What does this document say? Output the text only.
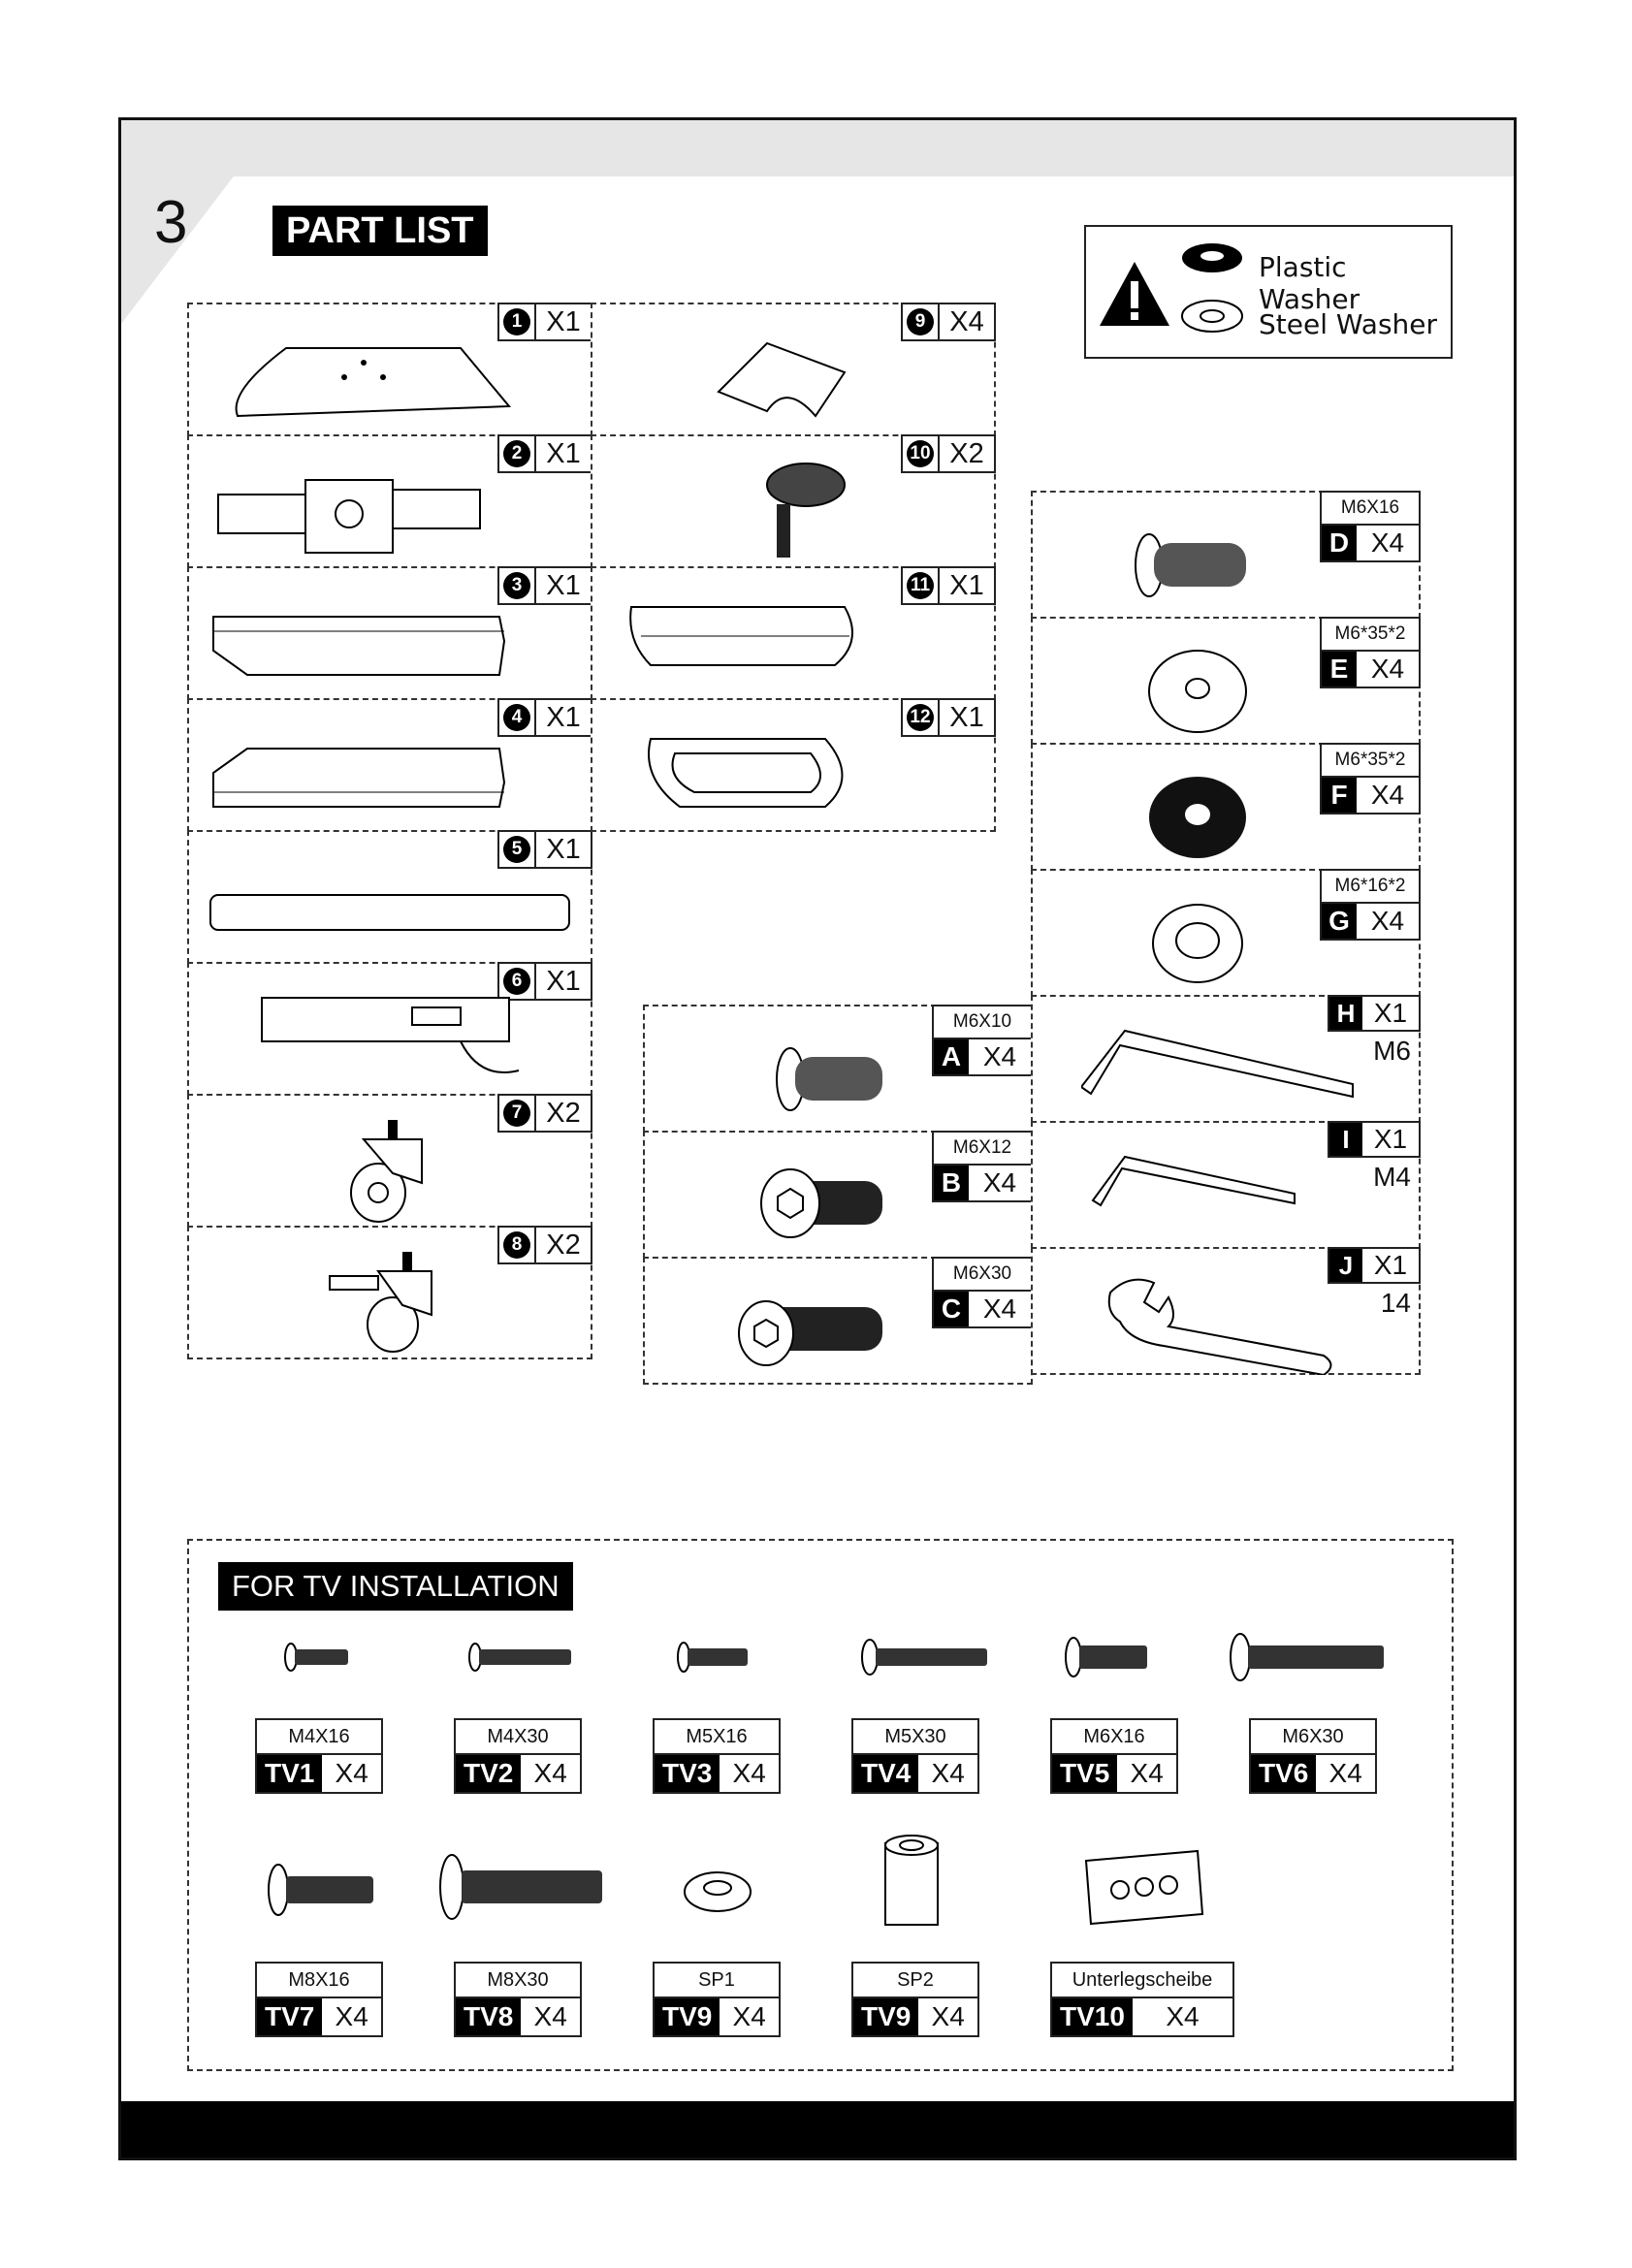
3	PART LIST
Plastic Washer
Steel Washer
1 X1
2 X1
3 X1
4 X1
5 X1
6 X1
7 X2
8 X2
9 X4
10 X2
11 X1
12 X1
M6X10
A X4
M6X12
B X4
M6X30
C X4
M6X16
D X4
M6*35*2
E X4
M6*35*2
F X4
M6*16*2
G X4
H X1
M6
I X1
M4
J X1
14
FOR TV INSTALLATION
M4X16
TV1 X4
M4X30
TV2 X4
M5X16
TV3 X4
M5X30
TV4 X4
M6X16
TV5 X4
M6X30
TV6 X4
M8X16
TV7 X4
M8X30
TV8 X4
SP1
TV9 X4
SP2
TV9 X4
Unterlegscheibe
TV10	X4
